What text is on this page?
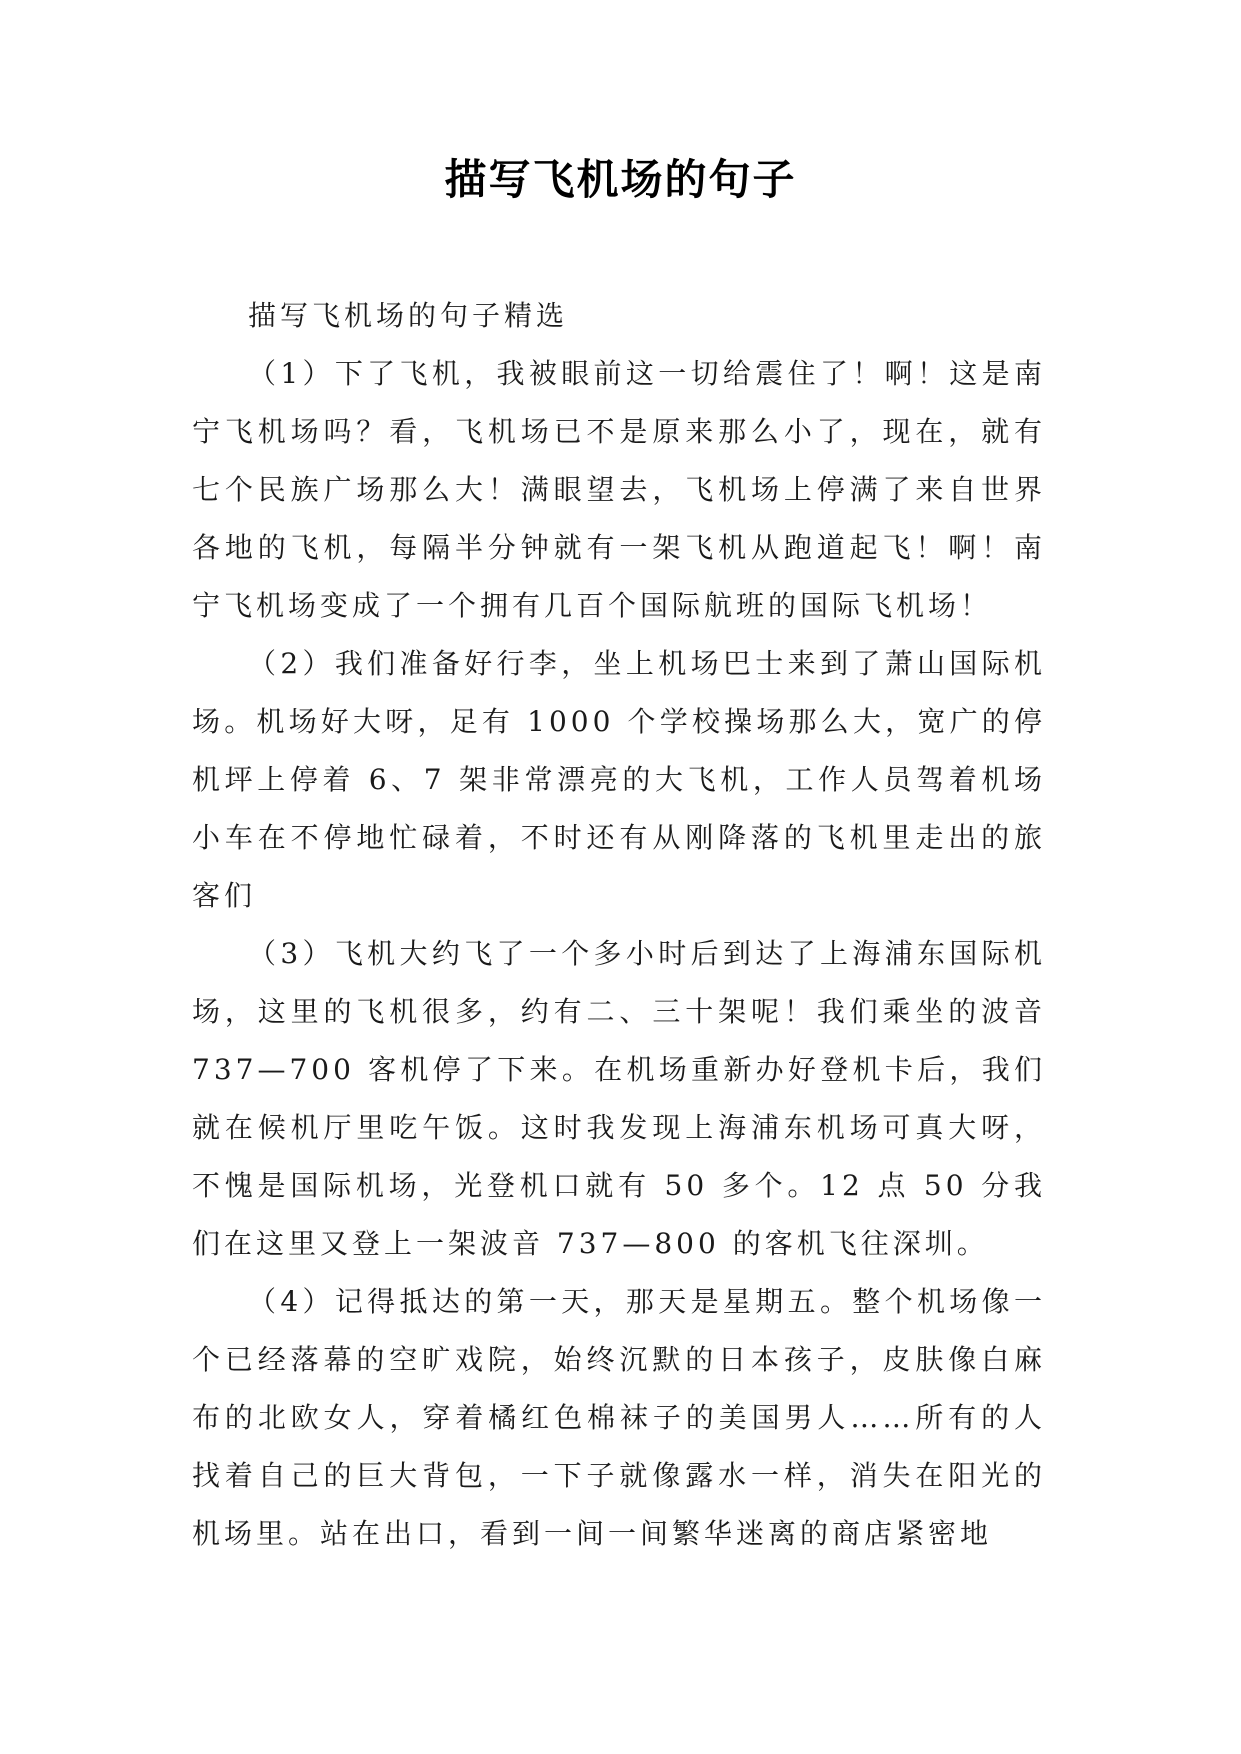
描写飞机场的句子

描写飞机场的句子精选

（1）下了飞机，我被眼前这一切给震住了！啊！这是南宁飞机场吗？看，飞机场已不是原来那么小了，现在，就有七个民族广场那么大！满眼望去，飞机场上停满了来自世界各地的飞机，每隔半分钟就有一架飞机从跑道起飞！啊！南宁飞机场变成了一个拥有几百个国际航班的国际飞机场！

（2）我们准备好行李，坐上机场巴士来到了萧山国际机场。机场好大呀，足有 1000 个学校操场那么大，宽广的停机坪上停着 6、7 架非常漂亮的大飞机，工作人员驾着机场小车在不停地忙碌着，不时还有从刚降落的飞机里走出的旅客们

（3）飞机大约飞了一个多小时后到达了上海浦东国际机场，这里的飞机很多，约有二、三十架呢！我们乘坐的波音 737—700 客机停了下来。在机场重新办好登机卡后，我们就在候机厅里吃午饭。这时我发现上海浦东机场可真大呀，不愧是国际机场，光登机口就有 50 多个。12 点 50 分我们在这里又登上一架波音 737—800 的客机飞往深圳。

（4）记得抵达的第一天，那天是星期五。整个机场像一个已经落幕的空旷戏院，始终沉默的日本孩子，皮肤像白麻布的北欧女人，穿着橘红色棉袜子的美国男人……所有的人找着自己的巨大背包，一下子就像露水一样，消失在阳光的机场里。站在出口，看到一间一间繁华迷离的商店紧密地
